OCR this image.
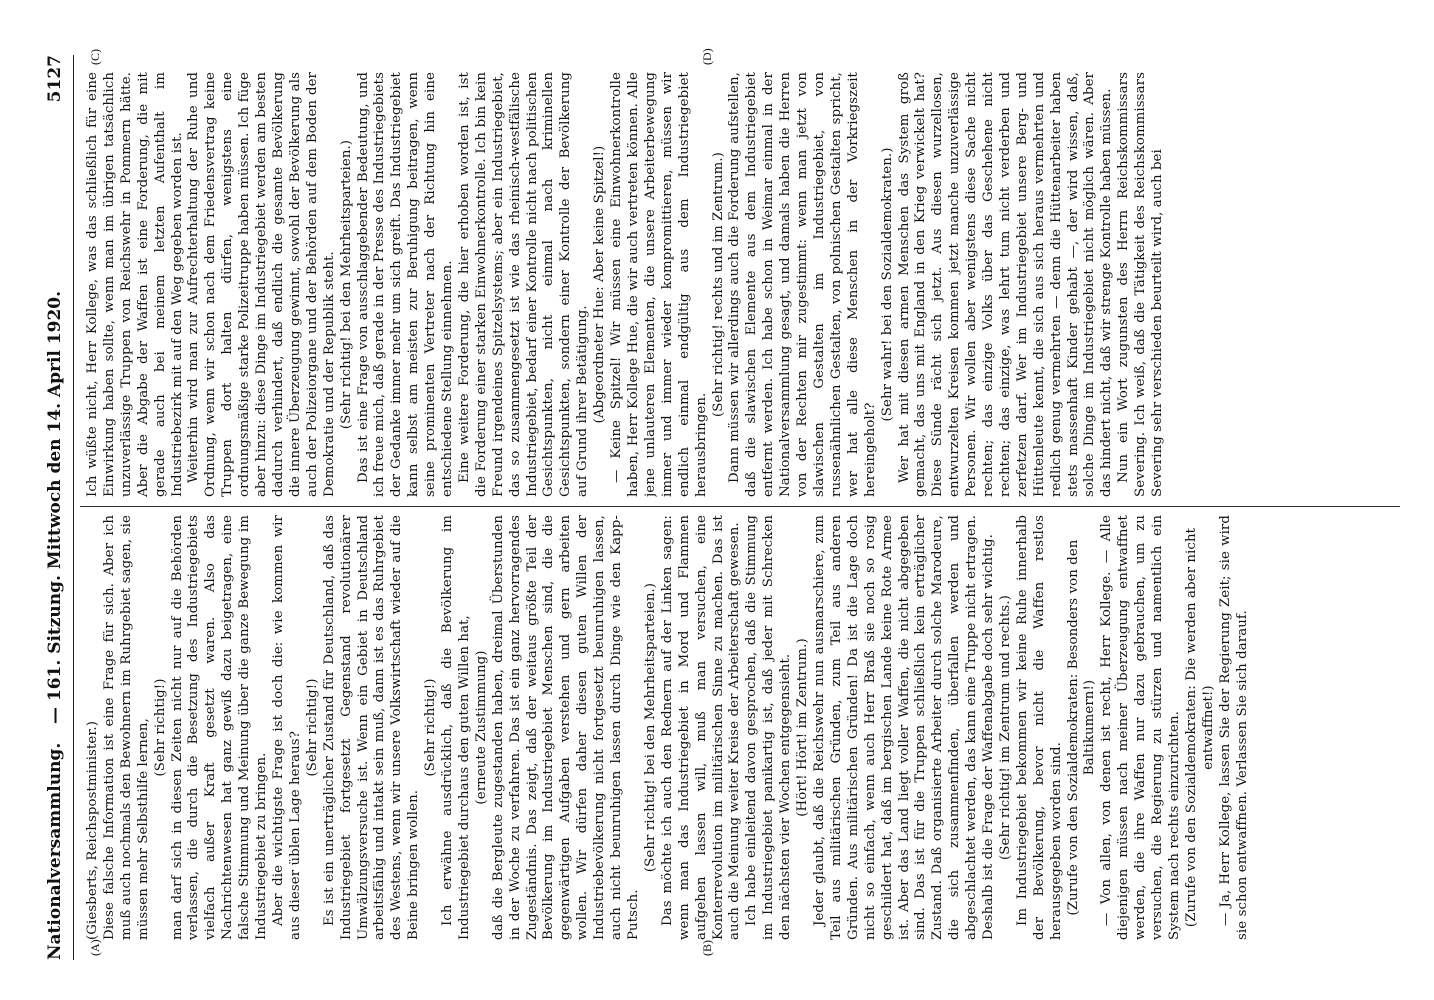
Nationalversammlung.
— 161. Sitzung. Mittwoch den 14. April 1920.
5127

(Giesberts, Reichspostminister.) Diese falsche Information ist eine Frage für sich. Aber ich muß auch nochmals den Bewohnern im Ruhrgebiet sagen, sie müssen mehr Selbsthilfe lernen, (Sehr richtig!) man darf sich in diesen Zeiten nicht nur auf die Behörden verlassen, die durch die Besetzung des Industriegebiets vielfach außer Kraft gesetzt waren. Also das Nachrichtenwesen hat ganz gewiß dazu beigetragen, eine falsche Stimmung und Meinung über die ganze Bewegung im Industriegebiet zu bringen. Aber die wichtigste Frage ist doch die: wie kommen wir aus dieser üblen Lage heraus?

(Sehr richtig!) Es ist ein unerträglicher Zustand für Deutschland, daß das Industriegebiet fortgesetzt Gegenstand revolutionärer Umwälzungsversuche ist. Wenn ein Gebiet in Deutschland arbeitsfähig und intakt sein muß, dann ist es das Ruhrgebiet des Westens, wenn wir unsere Volkswirtschaft wieder auf die Beine bringen wollen.

(Sehr richtig!) Ich erwähne ausdrücklich, daß die Bevölkerung im Industriegebiet durchaus den guten Willen hat, (erneute Zustimmung) daß die Bergleute zugestanden haben, dreimal Überstunden in der Woche zu verfahren. Das ist ein ganz hervorragendes Zugeständnis. Das zeigt, daß der weitaus größte Teil der Bevölkerung im Industriegebiet Menschen sind, die die gegenwärtigen Aufgaben verstehen und gern arbeiten wollen. Wir dürfen daher diesen guten Willen der Industriebevölkerung nicht fortgesetzt beunruhigen lassen, auch nicht beunruhigen lassen durch Dinge wie den Kapp-Putsch.

(Sehr richtig! bei den Mehrheitsparteien.) Das möchte ich auch den Rednern auf der Linken sagen: wenn man das Industriegebiet in Mord und Flammen aufgehen lassen will, muß man versuchen, eine Konterrevolution im militärischen Sinne zu machen. Das ist auch die Meinung weiter Kreise der Arbeiterschaft gewesen. Ich habe einleitend davon gesprochen, daß die Stimmung im Industriegebiet panikartig ist, daß jeder mit Schrecken den nächsten vier Wochen entgegensieht. (Hört! Hört! im Zentrum.) Jeder glaubt, daß die Reichswehr nun ausmarschiere, zum Teil aus militärischen Gründen, zum Teil aus anderen Gründen. Aus militärischen Gründen! Da ist die Lage doch nicht so einfach, wenn auch Herr Braß sie noch so rosig geschildert hat, daß im bergischen Lande keine Rote Armee ist. Aber das Land liegt voller Waffen, die nicht abgegeben sind. Das ist für die Truppen schließlich kein erträglicher Zustand. Daß organisierte Arbeiter durch solche Marodeure, die sich zusammenfinden, überfallen werden und abgeschlachtet werden, das kann eine Truppe nicht ertragen. Deshalb ist die Frage der Waffenabgabe doch sehr wichtig. (Sehr richtig! im Zentrum und rechts.) Im Industriegebiet bekommen wir keine Ruhe innerhalb der Bevölkerung, bevor nicht die Waffen restlos herausgegeben worden sind. (Zurufe von den Sozialdemokraten: Besonders von den Baltikumern!) — Von allen, von denen ist recht, Herr Kollege. — Alle diejenigen müssen nach meiner Überzeugung entwaffnet werden, die ihre Waffen nur dazu gebrauchen, um zu versuchen, die Regierung zu stürzen und namentlich ein System nach rechts einzurichten. (Zurufe von den Sozialdemokraten: Die werden aber nicht entwaffnet!) — Ja, Herr Kollege, lassen Sie der Regierung Zeit; sie wird sie schon entwaffnen. Verlassen Sie sich darauf.

Ich wüßte nicht, Herr Kollege, was das schließlich für eine Einwirkung haben sollte, wenn man im übrigen tatsächlich unzuverlässige Truppen von Reichswehr in Pommern hätte. Aber die Abgabe der Waffen ist eine Forderung, die mit gerade auch bei meinem letzten Aufenthalt im Industriebezirk mit auf den Weg gegeben worden ist. Weiterhin wird man zur Aufrechterhaltung der Ruhe und Ordnung, wenn wir schon nach dem Friedensvertrag keine Truppen dort halten dürfen, wenigstens eine ordnungsmäßige starke Polizeitruppe haben müssen. Ich füge aber hinzu: diese Dinge im Industriegebiet werden am besten dadurch verhindert, daß endlich die gesamte Bevölkerung die innere Überzeugung gewinnt, sowohl der Bevölkerung als auch der Polizeiorgane und der Behörden auf dem Boden der Demokratie und der Republik steht. (Sehr richtig! bei den Mehrheitsparteien.) Das ist eine Frage von ausschlaggebender Bedeutung, und ich freue mich, daß gerade in der Presse des Industriegebiets der Gedanke immer mehr um sich greift. Das Industriegebiet kann selbst am meisten zur Beruhigung beitragen, wenn seine prominenten Vertreter nach der Richtung hin eine entschiedene Stellung einnehmen. Eine weitere Forderung, die hier erhoben worden ist, ist die Forderung einer starken Einwohnerkontrolle. Ich bin kein Freund irgendeines Spitzelsystems; aber ein Industriegebiet, das so zusammengesetzt ist wie das rheinisch-westfälische Industriegebiet, bedarf einer Kontrolle nicht nach politischen Gesichtspunkten, nicht einmal nach kriminellen Gesichtspunkten, sondern einer Kontrolle der Bevölkerung auf Grund ihrer Betätigung. (Abgeordneter Hue: Aber keine Spitzel!) — Keine Spitzel! Wir müssen eine Einwohnerkontrolle haben, Herr Kollege Hue, die wir auch vertreten können. Alle jene unlauteren Elementen, die unsere Arbeiterbewegung immer und immer wieder kompromittieren, müssen wir endlich einmal endgültig aus dem Industriegebiet herausbringen.

(Sehr richtig! rechts und im Zentrum.) Dann müssen wir allerdings auch die Forderung aufstellen, daß die slawischen Elemente aus dem Industriegebiet entfernt werden. Ich habe schon in Weimar einmal in der Nationalversammlung gesagt, und damals haben die Herren von der Rechten mir zugestimmt: wenn man jetzt von slawischen Gestalten im Industriegebiet, von russenähnlichen Gestalten, von polnischen Gestalten spricht, wer hat alle diese Menschen in der Vorkriegszeit hereingeholt?

(Sehr wahr! bei den Sozialdemokraten.) Wer hat mit diesen armen Menschen das System groß gemacht, das uns mit England in den Krieg verwickelt hat? Diese Sünde rächt sich jetzt. Aus diesen wurzellosen, entwurzelten Kreisen kommen jetzt manche unzuverlässige Personen. Wir wollen aber wenigstens diese Sache nicht rechten; das einzige Volks über das Geschehene nicht rechten; das einzige, was lehrt tum nicht verderben und zerfetzen darf. Wer im Industriegebiet unsere Berg- und Hüttenleute kennt, die sich aus sich heraus vermehrten und redlich genug vermehrten — denn die Hüttenarbeiter haben stets massenhaft Kinder gehabt —, der wird wissen, daß, solche Dinge im Industriegebiet nicht möglich wären. Aber das hindert nicht, daß wir strenge Kontrolle haben müssen. Nun ein Wort zugunsten des Herrn Reichskommissars Severing. Ich weiß, daß die Tätigkeit des Reichskommissars Severing sehr verschieden beurteilt wird, auch bei

(A)	(B)
(C)	(D)
